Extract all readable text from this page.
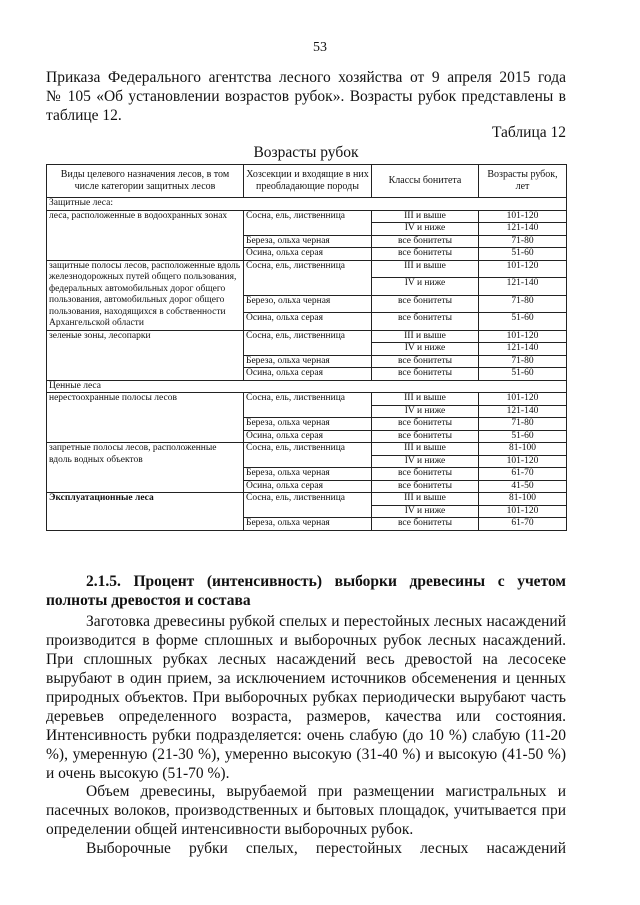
53
Приказа Федерального агентства лесного хозяйства от 9 апреля 2015 года
№ 105 «Об установлении возрастов рубок». Возрасты рубок представлены в
таблице 12.
Таблица 12
Возрасты рубок
Виды целевого назначения лесов, в том числе категории защитных лесов	Хозсекции и входящие в них преобладающие породы	Классы бонитета	Возрасты рубок, лет
Защитные леса:			
леса, расположенные в водоохранных зонах	Сосна, ель, лиственница	III и выше	101-120
		IV и ниже	121-140
	Береза, ольха черная	все бонитеты	71-80
	Осина, ольха серая	все бонитеты	51-60
защитные полосы лесов, расположенные вдоль железнодорожных путей общего пользования, федеральных автомобильных дорог общего пользования, автомобильных дорог общего пользования, находящихся в собственности Архангельской области	Сосна, ель, лиственница	III и выше	101-120
		IV и ниже	121-140
	Березо, ольха черная	все бонитеты	71-80
	Осина, ольха серая	все бонитеты	51-60
зеленые зоны, лесопарки	Сосна, ель, лиственница	III и выше	101-120
		IV и ниже	121-140
	Береза, ольха черная	все бонитеты	71-80
	Осина, ольха серая	все бонитеты	51-60
Ценные леса			
нерестоохранные полосы лесов	Сосна, ель, лиственница	III и выше	101-120
		IV и ниже	121-140
	Береза, ольха черная	все бонитеты	71-80
	Осина, ольха серая	все бонитеты	51-60
запретные полосы лесов, расположенные вдоль водных объектов	Сосна, ель, лиственница	III и выше	81-100
		IV и ниже	101-120
	Береза, ольха черная	все бонитеты	61-70
	Осина, ольха серая	все бонитеты	41-50
Эксплуатационные леса	Сосна, ель, лиственница	III и выше	81-100
		IV и ниже	101-120
	Береза, ольха черная	все бонитеты	61-70
2.1.5. Процент (интенсивность) выборки древесины с учетом полноты древостоя и состава
Заготовка древесины рубкой спелых и перестойных лесных насаждений производится в форме сплошных и выборочных рубок лесных насаждений. При сплошных рубках лесных насаждений весь древостой на лесосеке вырубают в один прием, за исключением источников обсеменения и ценных природных объектов. При выборочных рубках периодически вырубают часть деревьев определенного возраста, размеров, качества или состояния. Интенсивность рубки подразделяется: очень слабую (до 10 %) слабую (11-20 %), умеренную (21-30 %), умеренно высокую (31-40 %) и высокую (41-50 %) и очень высокую (51-70 %).
Объем древесины, вырубаемой при размещении магистральных и пасечных волоков, производственных и бытовых площадок, учитывается при определении общей интенсивности выборочных рубок.
Выборочные рубки спелых, перестойных лесных насаждений
